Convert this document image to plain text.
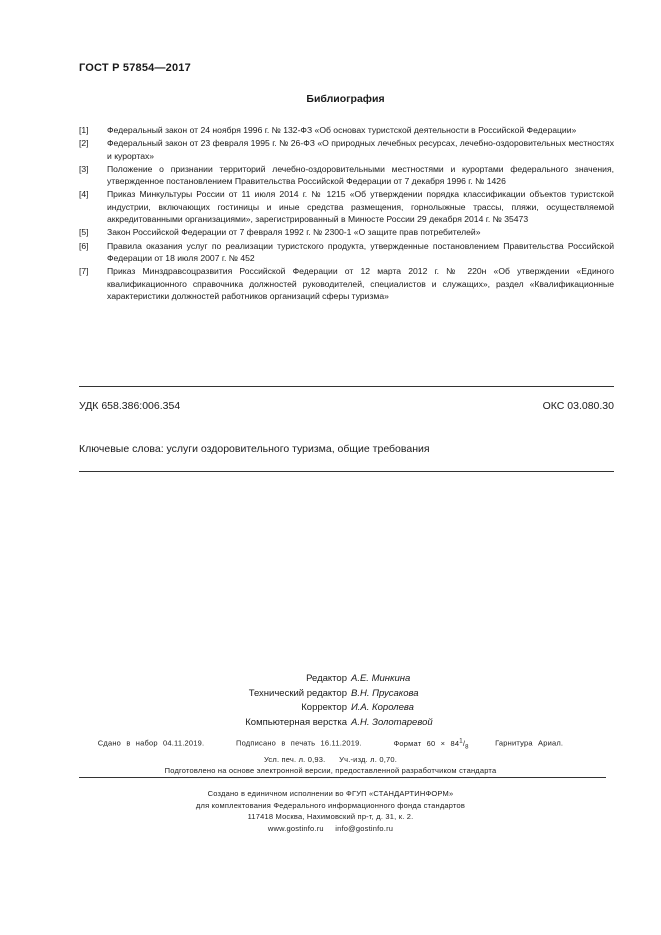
ГОСТ Р 57854—2017
Библиография
[1]	Федеральный закон от 24 ноября 1996 г. № 132-ФЗ «Об основах туристской деятельности в Российской Федерации»
[2]	Федеральный закон от 23 февраля 1995 г. № 26-ФЗ «О природных лечебных ресурсах, лечебно-оздоровительных местностях и курортах»
[3]	Положение о признании территорий лечебно-оздоровительными местностями и курортами федерального значения, утвержденное постановлением Правительства Российской Федерации от 7 декабря 1996 г. № 1426
[4]	Приказ Минкультуры России от 11 июля 2014 г. № 1215 «Об утверждении порядка классификации объектов туристской индустрии, включающих гостиницы и иные средства размещения, горнолыжные трассы, пляжи, осуществляемой аккредитованными организациями», зарегистрированный в Минюсте России 29 декабря 2014 г. № 35473
[5]	Закон Российской Федерации от 7 февраля 1992 г. № 2300-1 «О защите прав потребителей»
[6]	Правила оказания услуг по реализации туристского продукта, утвержденные постановлением Правительства Российской Федерации от 18 июля 2007 г. № 452
[7]	Приказ Минздравсоцразвития Российской Федерации от 12 марта 2012 г. № 220н «Об утверждении «Единого квалификационного справочника должностей руководителей, специалистов и служащих», раздел «Квалификационные характеристики должностей работников организаций сферы туризма»
УДК 658.386:006.354	ОКС 03.080.30
Ключевые слова: услуги оздоровительного туризма, общие требования
Редактор А.Е. Минкина
Технический редактор В.Н. Прусакова
Корректор И.А. Королева
Компьютерная верстка А.Н. Золотаревой
Сдано в набор 04.11.2019.	Подписано в печать 16.11.2019.	Формат $60 \times 84^1/_8$	Гарнитура Ариал.
Усл. печ. л. 0,93. Уч.-изд. л. 0,70.
Подготовлено на основе электронной версии, предоставленной разработчиком стандарта
Создано в единичном исполнении во ФГУП «СТАНДАРТИНФОРМ»
для комплектования Федерального информационного фонда стандартов
117418 Москва, Нахимовский пр-т, д. 31, к. 2.
www.gostinfo.ru info@gostinfo.ru
